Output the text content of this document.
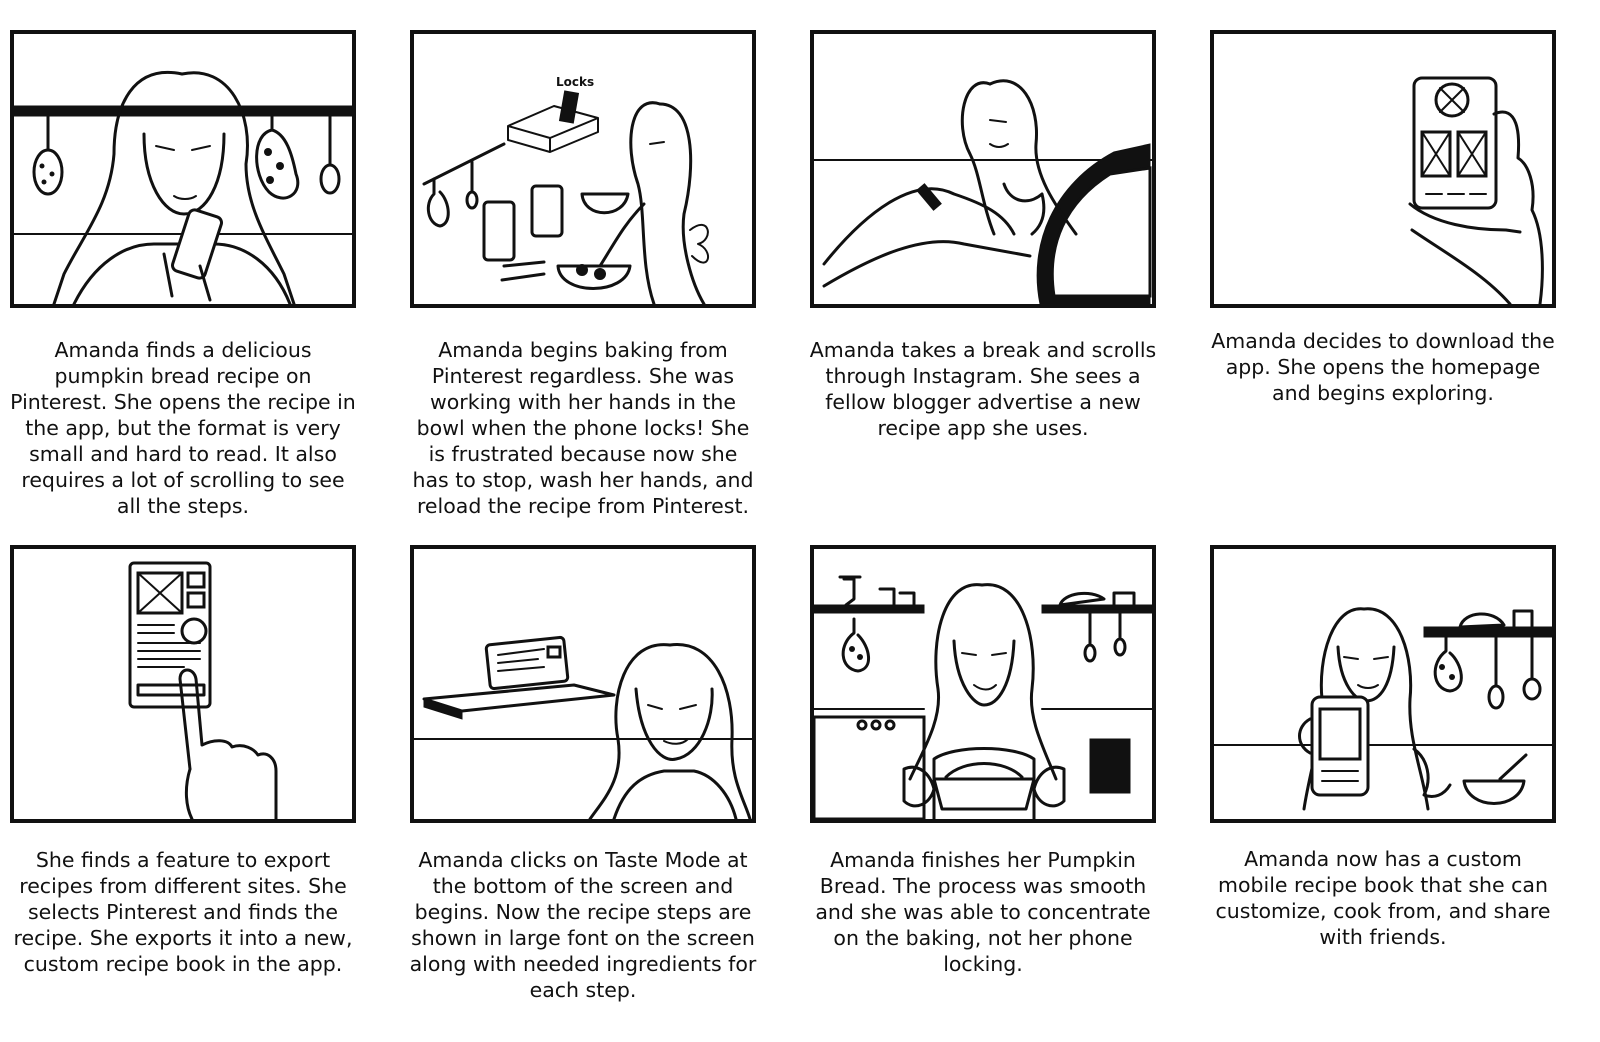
Amanda finds a delicious pumpkin bread recipe on Pinterest. She opens the recipe in the app, but the format is very small and hard to read. It also requires a lot of scrolling to see all the steps.
Locks
Amanda begins baking from Pinterest regardless. She was working with her hands in the bowl when the phone locks! She is frustrated because now she has to stop, wash her hands, and reload the recipe from Pinterest.
Amanda takes a break and scrolls through Instagram. She sees a fellow blogger advertise a new recipe app she uses.
Amanda decides to download the app. She opens the homepage and begins exploring.
She finds a feature to export recipes from different sites. She selects Pinterest and finds the recipe. She exports it into a new, custom recipe book in the app.
Amanda clicks on Taste Mode at the bottom of the screen and begins. Now the recipe steps are shown in large font on the screen along with needed ingredients for each step.
Amanda finishes her Pumpkin Bread. The process was smooth and she was able to concentrate on the baking, not her phone locking.
Amanda now has a custom mobile recipe book that she can customize, cook from, and share with friends.
